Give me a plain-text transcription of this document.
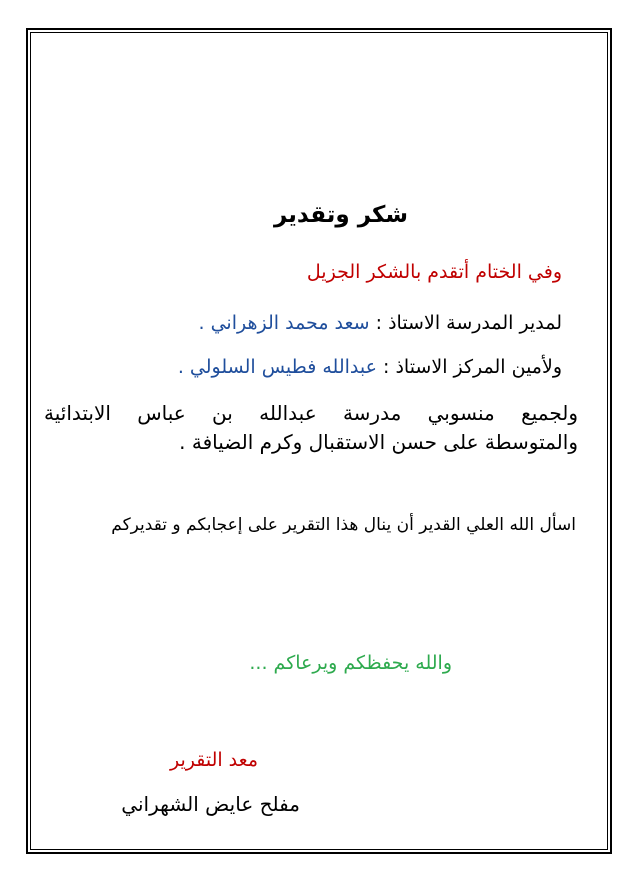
شكر وتقدير
وفي الختام أتقدم بالشكر الجزيل
لمدير المدرسة الاستاذ : سعد محمد الزهراني .
ولأمين المركز الاستاذ : عبدالله فطيس السلولي .
ولجميع منسوبي مدرسة عبدالله بن عباس الابتدائية
والمتوسطة على حسن الاستقبال وكرم الضيافة .
اسأل الله العلي القدير أن ينال هذا التقرير على إعجابكم و تقديركم
والله يحفظكم ويرعاكم ...
معد التقرير
مفلح عايض الشهراني
